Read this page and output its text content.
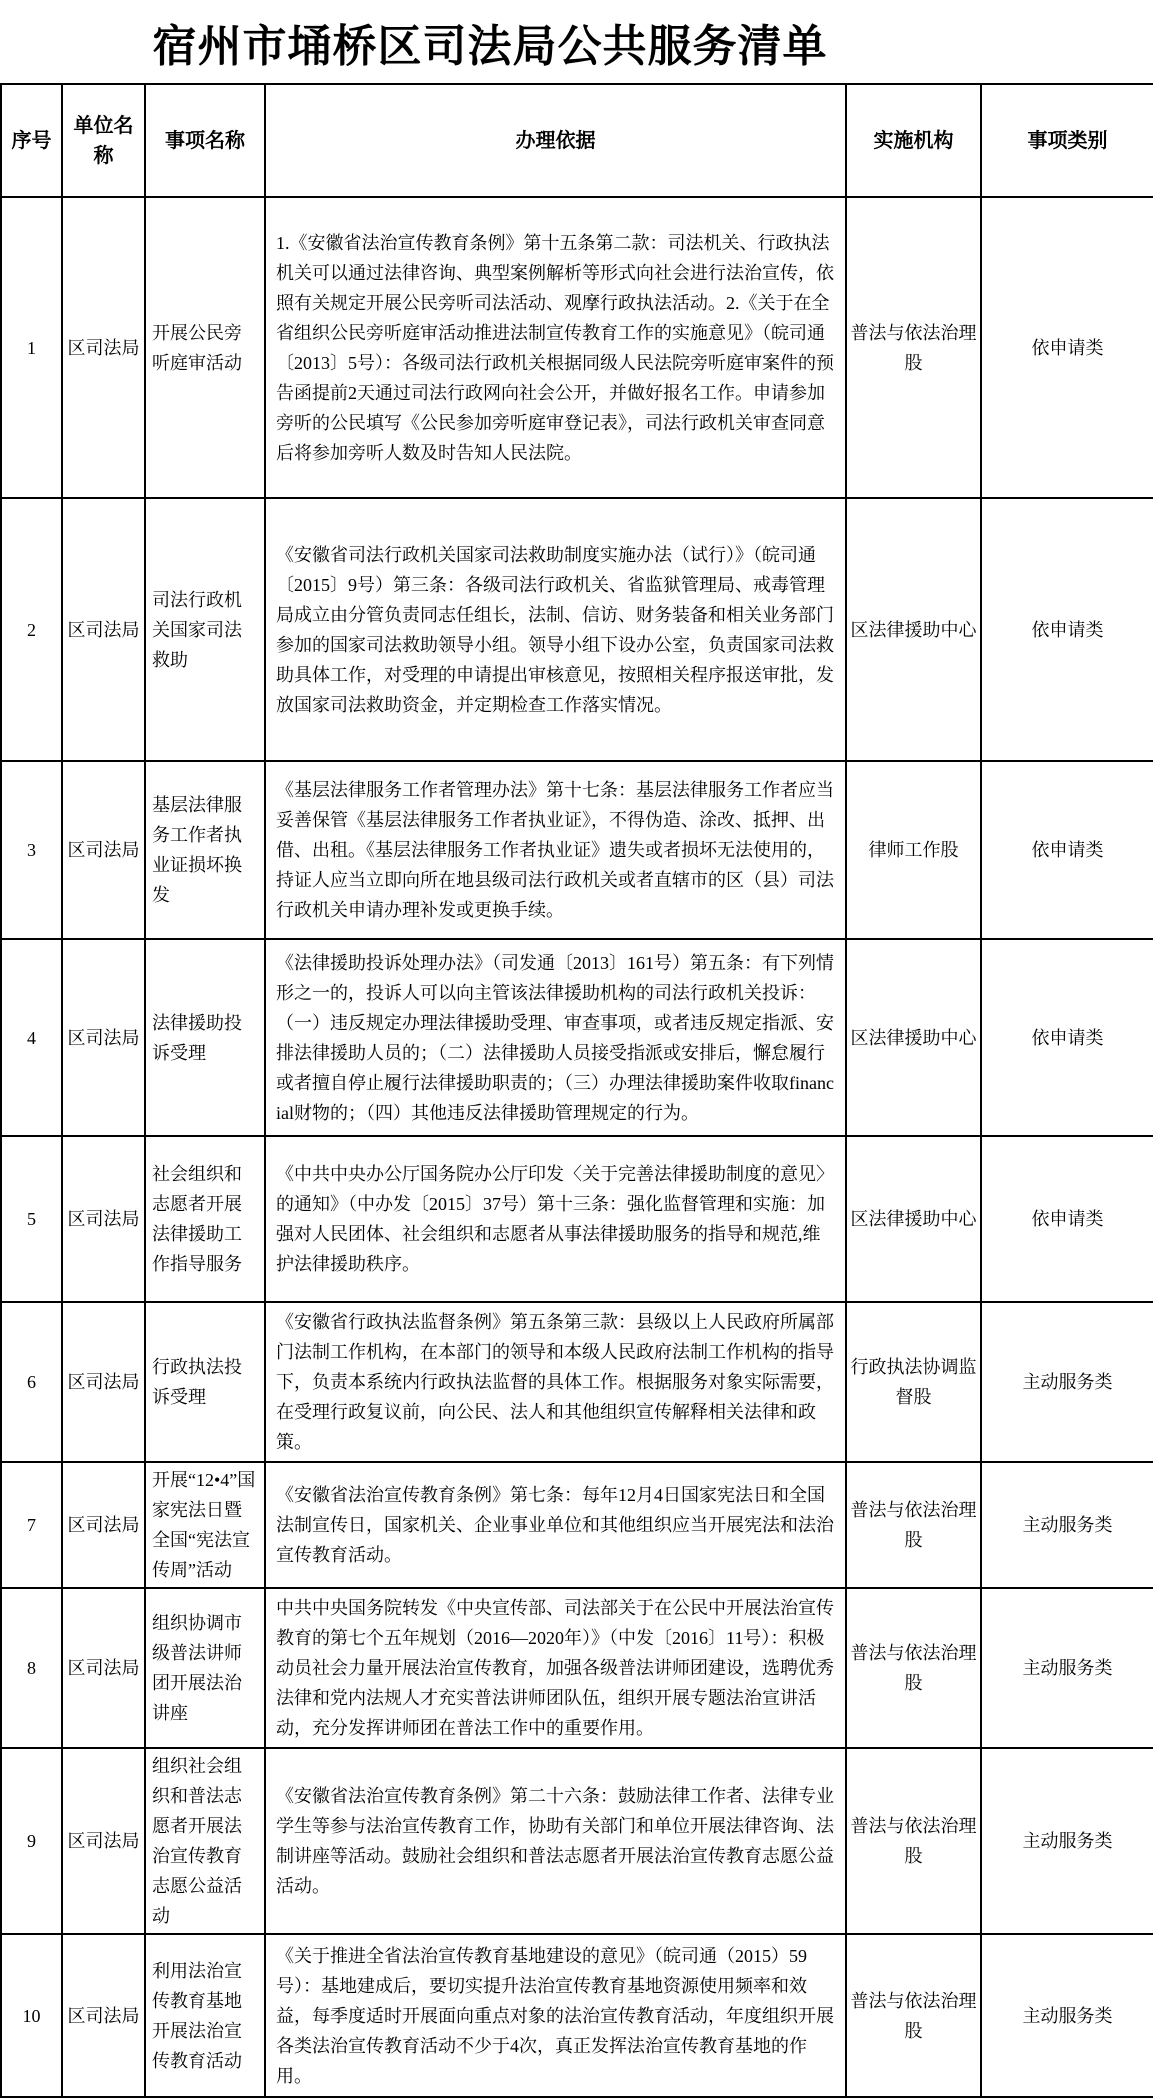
宿州市埇桥区司法局公共服务清单
序号	单位名称	事项名称	办理依据	实施机构	事项类别
1	区司法局	开展公民旁听庭审活动	1.《安徽省法治宣传教育条例》第十五条第二款：司法机关、行政执法机关可以通过法律咨询、典型案例解析等形式向社会进行法治宣传，依照有关规定开展公民旁听司法活动、观摩行政执法活动。2.《关于在全省组织公民旁听庭审活动推进法制宣传教育工作的实施意见》（皖司通〔2013〕5号）：各级司法行政机关根据同级人民法院旁听庭审案件的预告函提前2天通过司法行政网向社会公开，并做好报名工作。申请参加旁听的公民填写《公民参加旁听庭审登记表》，司法行政机关审查同意后将参加旁听人数及时告知人民法院。	普法与依法治理股	依申请类
2	区司法局	司法行政机关国家司法救助	《安徽省司法行政机关国家司法救助制度实施办法（试行）》（皖司通〔2015〕9号）第三条：各级司法行政机关、省监狱管理局、戒毒管理局成立由分管负责同志任组长，法制、信访、财务装备和相关业务部门参加的国家司法救助领导小组。领导小组下设办公室，负责国家司法救助具体工作，对受理的申请提出审核意见，按照相关程序报送审批，发放国家司法救助资金，并定期检查工作落实情况。	区法律援助中心	依申请类
3	区司法局	基层法律服务工作者执业证损坏换发	《基层法律服务工作者管理办法》第十七条：基层法律服务工作者应当妥善保管《基层法律服务工作者执业证》，不得伪造、涂改、抵押、出借、出租。《基层法律服务工作者执业证》遗失或者损坏无法使用的，持证人应当立即向所在地县级司法行政机关或者直辖市的区（县）司法行政机关申请办理补发或更换手续。	律师工作股	依申请类
4	区司法局	法律援助投诉受理	《法律援助投诉处理办法》（司发通〔2013〕161号）第五条：有下列情形之一的，投诉人可以向主管该法律援助机构的司法行政机关投诉：（一）违反规定办理法律援助受理、审查事项，或者违反规定指派、安排法律援助人员的；（二）法律援助人员接受指派或安排后，懈怠履行或者擅自停止履行法律援助职责的；（三）办理法律援助案件收取financial财物的；（四）其他违反法律援助管理规定的行为。	区法律援助中心	依申请类
5	区司法局	社会组织和志愿者开展法律援助工作指导服务	《中共中央办公厅国务院办公厅印发〈关于完善法律援助制度的意见〉的通知》（中办发〔2015〕37号）第十三条：强化监督管理和实施：加强对人民团体、社会组织和志愿者从事法律援助服务的指导和规范,维护法律援助秩序。	区法律援助中心	依申请类
6	区司法局	行政执法投诉受理	《安徽省行政执法监督条例》第五条第三款：县级以上人民政府所属部门法制工作机构，在本部门的领导和本级人民政府法制工作机构的指导下，负责本系统内行政执法监督的具体工作。根据服务对象实际需要，在受理行政复议前，向公民、法人和其他组织宣传解释相关法律和政策。	行政执法协调监督股	主动服务类
7	区司法局	开展“12•4”国家宪法日暨全国“宪法宣传周”活动	《安徽省法治宣传教育条例》第七条：每年12月4日国家宪法日和全国法制宣传日，国家机关、企业事业单位和其他组织应当开展宪法和法治宣传教育活动。	普法与依法治理股	主动服务类
8	区司法局	组织协调市级普法讲师团开展法治讲座	中共中央国务院转发《中央宣传部、司法部关于在公民中开展法治宣传教育的第七个五年规划（2016—2020年）》（中发〔2016〕11号）：积极动员社会力量开展法治宣传教育，加强各级普法讲师团建设，选聘优秀法律和党内法规人才充实普法讲师团队伍，组织开展专题法治宣讲活动，充分发挥讲师团在普法工作中的重要作用。	普法与依法治理股	主动服务类
9	区司法局	组织社会组织和普法志愿者开展法治宣传教育志愿公益活动	《安徽省法治宣传教育条例》第二十六条：鼓励法律工作者、法律专业学生等参与法治宣传教育工作，协助有关部门和单位开展法律咨询、法制讲座等活动。鼓励社会组织和普法志愿者开展法治宣传教育志愿公益活动。	普法与依法治理股	主动服务类
10	区司法局	利用法治宣传教育基地开展法治宣传教育活动	《关于推进全省法治宣传教育基地建设的意见》（皖司通（2015）59号）：基地建成后，要切实提升法治宣传教育基地资源使用频率和效益，每季度适时开展面向重点对象的法治宣传教育活动，年度组织开展各类法治宣传教育活动不少于4次，真正发挥法治宣传教育基地的作用。	普法与依法治理股	主动服务类
